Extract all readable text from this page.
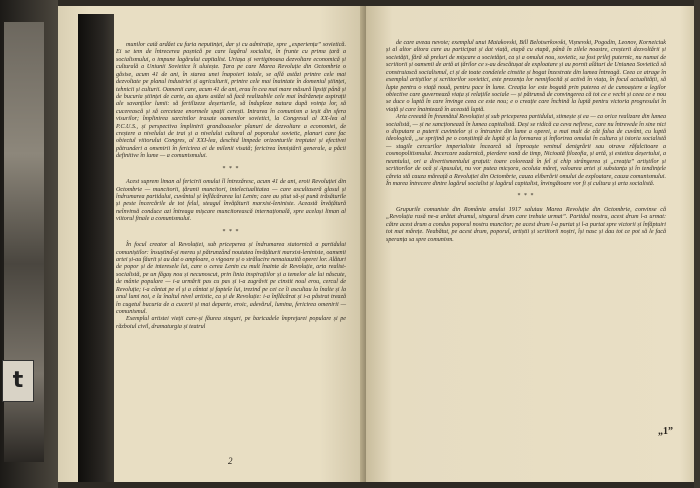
t

munilor cată ardăet cu furia neputinței, dar și cu admirație, spre „experiența” sovietică. Ei se tem de întrecerea pașnică pe care lagărul socialist, în frunte cu prima țară a socialismului, o impune lagărului capitalist. Uriașa și vertiginoasa dezvoltare economică și culturală a Uniunii Sovietice îi uluiește. Țara pe care Marea Revoluție din Octombrie o găsise, acum 41 de ani, în starea unei înapoieri totale, se află astăzi printre cele mai dezvoltate pe planul industriei și agriculturii, printre cele mai înaintate în domeniul științei, tehnicii și culturii. Oamenii care, acum 41 de ani, erau în cea mai mare măsură lipsiți până și de bucuria științei de carte, au ajuns astăzi să facă realizabile cele mai îndrăznețe aspirații ale savanților lumii: să fertilizeze deșerturile, să îndupleze natura după voința lor, să cucerească și să cerceteze enormele spații cerești. Intrarea în comunism a ieșit din sfera visurilor; împlinirea sarcinilor trasate oamenilor sovietici, la Congresul al XX-lea al P.C.U.S., și perspectiva împlinirii grandioaselor planuri de dezvoltare a economiei, de creștere a nivelului de trai și a nivelului cultural al poporului sovietic, planuri care fac obiectul viitorului Congres, al XXI-lea, deschid limpede orizonturile treptatei și efectivei pătrunderi a omenirii în fericirea ei de milenii visată; fericirea înmiștării generale, a păcii definitive în lume — a comunismului.

* * *

Acest suprem liman al fericirii omului îl întrezăresc, acum 41 de ani, eroii Revoluției din Octombrie — muncitorii, țăranii muncitori, intelectualitatea — care ascultaseră glasul și îndrumarea partidului, cuvântul și înflăcărarea lui Lenin; care au știut să-și pună trăsăturile și peste încercările de tot felul, steagul învățăturii marxist-leniniste. Această învățătură neînvinsă conduce azi întreaga mișcare muncitorească internațională, spre același liman al viitorul finale a comunismului.

* * *

În focul creator al Revoluției, sub priceperea și îndrumarea statornică a partidului comuniștilor: însuștind-și mereu și pătrunzând noutatea învățăturii marxist-leniniste, oamenii artei și-au făurit și au dat o amploare, o vigoare și o strălucire nemaiauzită operei lor. Alături de popor și de interesele lui, care o cerea Lenin cu mult înainte de Revoluție, arta realist-socialistă, pe un făgaș nou și necunoscut, prin linia inspirațiilor și a temelor ale lui născute, de mânie populare — i-a urmărit pas cu pas și i-a zugrăvit pe cinstit noul erou, cercul de Revoluție; i-a cântat pe el și a cântat și faptele lui, trezind pe cei ce îi ascultau la înalte și la unul lumi noi, e la înaltul nivel artistic, ca și de Revoluție: i-a înflăcărat și i-a păstrat trează în cugetul bucuria de a cucerii și mai departe, eroic, adevărul, lumina, fericirea omenirii — comunismul.

Exemplul artistei vieții care-și făurea singuri, pe baricadele împrejurei populare și pe războiul civil, dramaturgia și teatrul

2

de care aveau nevoie; exemplul unui Maiakovski, Bill Belotserkovski, Vișnevski, Pogodin, Leonov, Korneiciuk și al altor altora care au participat și dat viață, etapă cu etapă, până în zilele noastre, creșterii dezvoltării și societății, fără să preluri de mișcare a societăței, ca și a omului nou, sovietic, sa fost prilej puternic, nu numai de scriitorii și oamenii de artă ai țărilor ce s-au descătușat de exploatare și au pornit alături de Uniunea Sovietică să construiască socialismul, ci și de toate condeiele cinstite și bogat înzestrate din lumea întreagă. Ceea ce atrage în exemplul artiștilor și scriitorilor sovietici, este prezența lor nemijlocită și activă în viața, în focul actualității, să lupte pentru o viață nouă, pentru pace în lume. Creația lor este bogată prin puterea ei de cunoaștere a legilor obiective care guvernează viața și relațiile sociale — și pătrunsă de convingerea că tot ce e vechi și ceea ce e nou se duce o luptă în care învinge ceea ce este nou; e o creație care închină la luptă pentru victoria progresului în viață și care înaintează în această luptă.

Arta creeată în freamătul Revoluției și sub priceperea partidului, stimește și ea — ca orice realizare din lumea socialistă, — și ne sancționează în lumea capitalistă. Deși se ridică ca ceva nefiresc, care nu întrevede în sine nici o disputare a puterii cuvintelor și o întrunire din lume a operei, a mai mult de cât falsa de cuvânt, cu luptă ideologică, „se sprijină pe o conștiință de luptă și la formarea și înflorirea omului în cultura și istoria socialistă — stugile cercurilor imperialiste încearcă să înproaște veninul denigrării sau otrava răfalcitoare a cosmopolitismului. Incercare zadarnică, pierdere vană de timp, Nicioată filozofia, și artă, și estetica deșertului, a neantului, ori a divertismentului grațuit: toare colorează în fel și chip strângerea și „creația” artiștilor și scriitorilor de ocă și Apusului, nu vor putea micșora, ocoluia măreț, valoarea artei și substanța și în tendințele căreia stă cauza măreață a Revoluției din Octombrie, cauza eliberării omului de exploatare, cauza comunismului. În marea întrecere dintre lagărul socialist și lagărul capitalist, învingătoare vor fi și cultura și arta socialistă.

* * *

Grupurile comuniste din România anului 1917 salutau Marea Revoluție din Octombrie, convinse că „Revoluția rusă ne-a arătat drumul, singurul drum care trebuie urmat”. Partidul nostru, acest drum l-a urmat: către acest drum a condus poporul nostru muncitor; pe acest drum l-a purtat și l-a purtat spre victorii și înfăptuiri tot mai mărețe. Neabătut, pe acest drum, poporul, artiștii și scriitorii noștri, își nasc și dau tot ce pot să le facă speranța sa spre comunism.

„1”
